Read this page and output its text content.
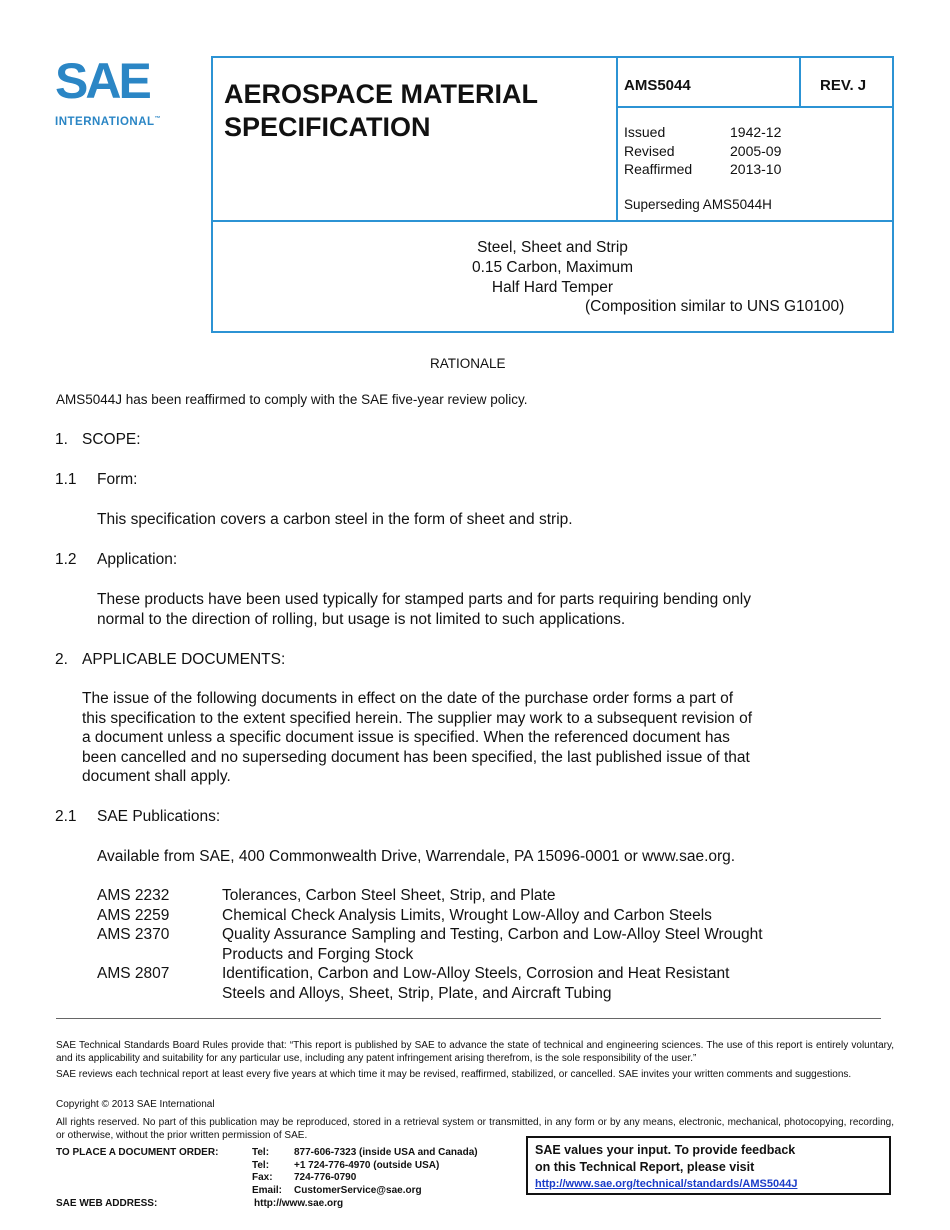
SAE
INTERNATIONAL™
AEROSPACE MATERIAL
SPECIFICATION
AMS5044	REV. J
Issued	1942-12
Revised	2005-09
Reaffirmed	2013-10
Superseding AMS5044H
Steel, Sheet and Strip
0.15 Carbon, Maximum
Half Hard Temper
(Composition similar to UNS G10100)
RATIONALE
AMS5044J has been reaffirmed to comply with the SAE five-year review policy.
1. SCOPE:
1.1 Form:
This specification covers a carbon steel in the form of sheet and strip.
1.2 Application:
These products have been used typically for stamped parts and for parts requiring bending only
normal to the direction of rolling, but usage is not limited to such applications.
2. APPLICABLE DOCUMENTS:
The issue of the following documents in effect on the date of the purchase order forms a part of
this specification to the extent specified herein. The supplier may work to a subsequent revision of
a document unless a specific document issue is specified. When the referenced document has
been cancelled and no superseding document has been specified, the last published issue of that
document shall apply.
2.1 SAE Publications:
Available from SAE, 400 Commonwealth Drive, Warrendale, PA 15096-0001 or www.sae.org.
AMS 2232	Tolerances, Carbon Steel Sheet, Strip, and Plate
AMS 2259	Chemical Check Analysis Limits, Wrought Low-Alloy and Carbon Steels
AMS 2370	Quality Assurance Sampling and Testing, Carbon and Low-Alloy Steel Wrought
Products and Forging Stock
AMS 2807	Identification, Carbon and Low-Alloy Steels, Corrosion and Heat Resistant
Steels and Alloys, Sheet, Strip, Plate, and Aircraft Tubing
SAE Technical Standards Board Rules provide that: “This report is published by SAE to advance the state of technical and engineering sciences. The use of this report is entirely voluntary, and its applicability and suitability for any particular use, including any patent infringement arising therefrom, is the sole responsibility of the user.”
SAE reviews each technical report at least every five years at which time it may be revised, reaffirmed, stabilized, or cancelled. SAE invites your written comments and suggestions.
Copyright © 2013 SAE International
All rights reserved. No part of this publication may be reproduced, stored in a retrieval system or transmitted, in any form or by any means, electronic, mechanical, photocopying, recording, or otherwise, without the prior written permission of SAE.
TO PLACE A DOCUMENT ORDER:	Tel: 877-606-7323 (inside USA and Canada)
Tel: +1 724-776-4970 (outside USA)
Fax: 724-776-0790
Email: CustomerService@sae.org
SAE WEB ADDRESS:	http://www.sae.org
SAE values your input. To provide feedback
on this Technical Report, please visit
http://www.sae.org/technical/standards/AMS5044J
